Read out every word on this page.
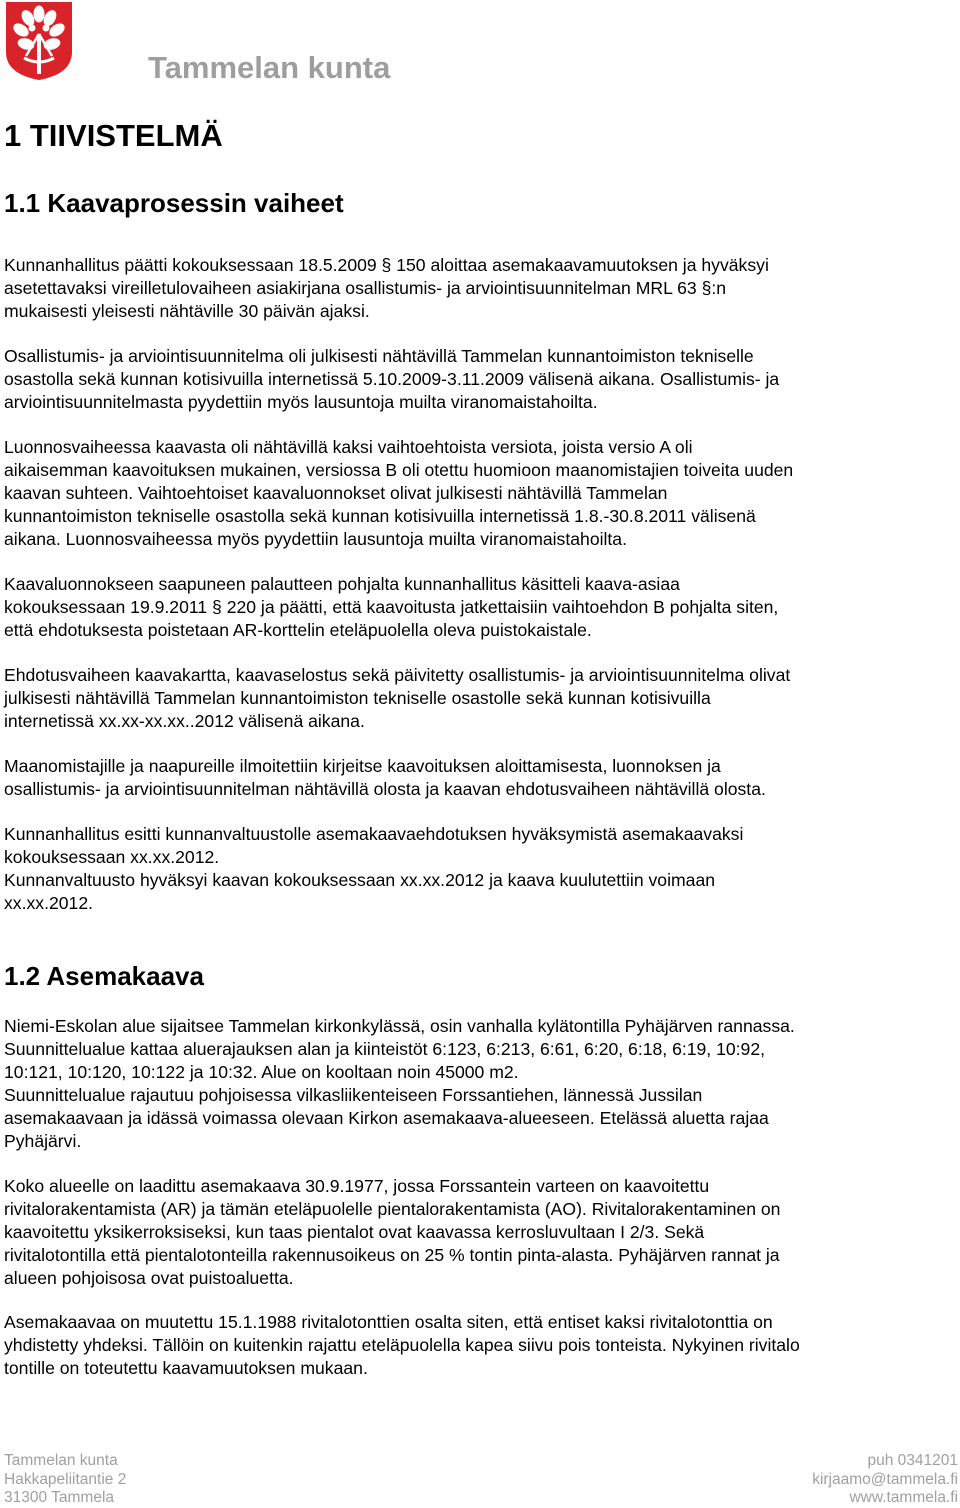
Tammelan kunta
1 TIIVISTELMÄ
1.1 Kaavaprosessin vaiheet

Kunnanhallitus päätti kokouksessaan 18.5.2009 § 150 aloittaa asemakaavamuutoksen ja hyväksyi
asetettavaksi vireilletulovaiheen asiakirjana osallistumis- ja arviointisuunnitelman MRL 63 §:n
mukaisesti yleisesti nähtäville 30 päivän ajaksi.

Osallistumis- ja arviointisuunnitelma oli julkisesti nähtävillä Tammelan kunnantoimiston tekniselle
osastolla sekä kunnan kotisivuilla internetissä 5.10.2009-3.11.2009 välisenä aikana. Osallistumis- ja
arviointisuunnitelmasta pyydettiin myös lausuntoja muilta viranomaistahoilta.

Luonnosvaiheessa kaavasta oli nähtävillä kaksi vaihtoehtoista versiota, joista versio A oli
aikaisemman kaavoituksen mukainen, versiossa B oli otettu huomioon maanomistajien toiveita uuden
kaavan suhteen. Vaihtoehtoiset kaavaluonnokset olivat julkisesti nähtävillä Tammelan
kunnantoimiston tekniselle osastolla sekä kunnan kotisivuilla internetissä 1.8.-30.8.2011 välisenä
aikana. Luonnosvaiheessa myös pyydettiin lausuntoja muilta viranomaistahoilta.

Kaavaluonnokseen saapuneen palautteen pohjalta kunnanhallitus käsitteli kaava-asiaa
kokouksessaan 19.9.2011 § 220 ja päätti, että kaavoitusta jatkettaisiin vaihtoehdon B pohjalta siten,
että ehdotuksesta poistetaan AR-korttelin eteläpuolella oleva puistokaistale.

Ehdotusvaiheen kaavakartta, kaavaselostus sekä päivitetty osallistumis- ja arviointisuunnitelma olivat
julkisesti nähtävillä Tammelan kunnantoimiston tekniselle osastolle sekä kunnan kotisivuilla
internetissä xx.xx-xx.xx..2012 välisenä aikana.

Maanomistajille ja naapureille ilmoitettiin kirjeitse kaavoituksen aloittamisesta, luonnoksen ja
osallistumis- ja arviointisuunnitelman nähtävillä olosta ja kaavan ehdotusvaiheen nähtävillä olosta.

Kunnanhallitus esitti kunnanvaltuustolle asemakaavaehdotuksen hyväksymistä asemakaavaksi
kokouksessaan xx.xx.2012.
Kunnanvaltuusto hyväksyi kaavan kokouksessaan xx.xx.2012 ja kaava kuulutettiin voimaan
xx.xx.2012.

1.2 Asemakaava

Niemi-Eskolan alue sijaitsee Tammelan kirkonkylässä, osin vanhalla kylätontilla Pyhäjärven rannassa.
Suunnittelualue kattaa aluerajauksen alan ja kiinteistöt 6:123, 6:213, 6:61, 6:20, 6:18, 6:19, 10:92,
10:121, 10:120, 10:122 ja 10:32. Alue on kooltaan noin 45000 m2.
Suunnittelualue rajautuu pohjoisessa vilkasliikenteiseen Forssantiehen, lännessä Jussilan
asemakaavaan ja idässä voimassa olevaan Kirkon asemakaava-alueeseen. Etelässä aluetta rajaa
Pyhäjärvi.

Koko alueelle on laadittu asemakaava 30.9.1977, jossa Forssantein varteen on kaavoitettu
rivitalorakentamista (AR) ja tämän eteläpuolelle pientalorakentamista (AO). Rivitalorakentaminen on
kaavoitettu yksikerroksiseksi, kun taas pientalot ovat kaavassa kerrosluvultaan I 2/3. Sekä
rivitalotontilla että pientalotonteilla rakennusoikeus on 25 % tontin pinta-alasta. Pyhäjärven rannat ja
alueen pohjoisosa ovat puistoaluetta.

Asemakaavaa on muutettu 15.1.1988 rivitalotonttien osalta siten, että entiset kaksi rivitalotonttia on
yhdistetty yhdeksi. Tällöin on kuitenkin rajattu eteläpuolella kapea siivu pois tonteista. Nykyinen rivitalo
tontille on toteutettu kaavamuutoksen mukaan.

Tammelan kunta
Hakkapeliitantie 2
31300 Tammela
puh 0341201
kirjaamo@tammela.fi
www.tammela.fi
